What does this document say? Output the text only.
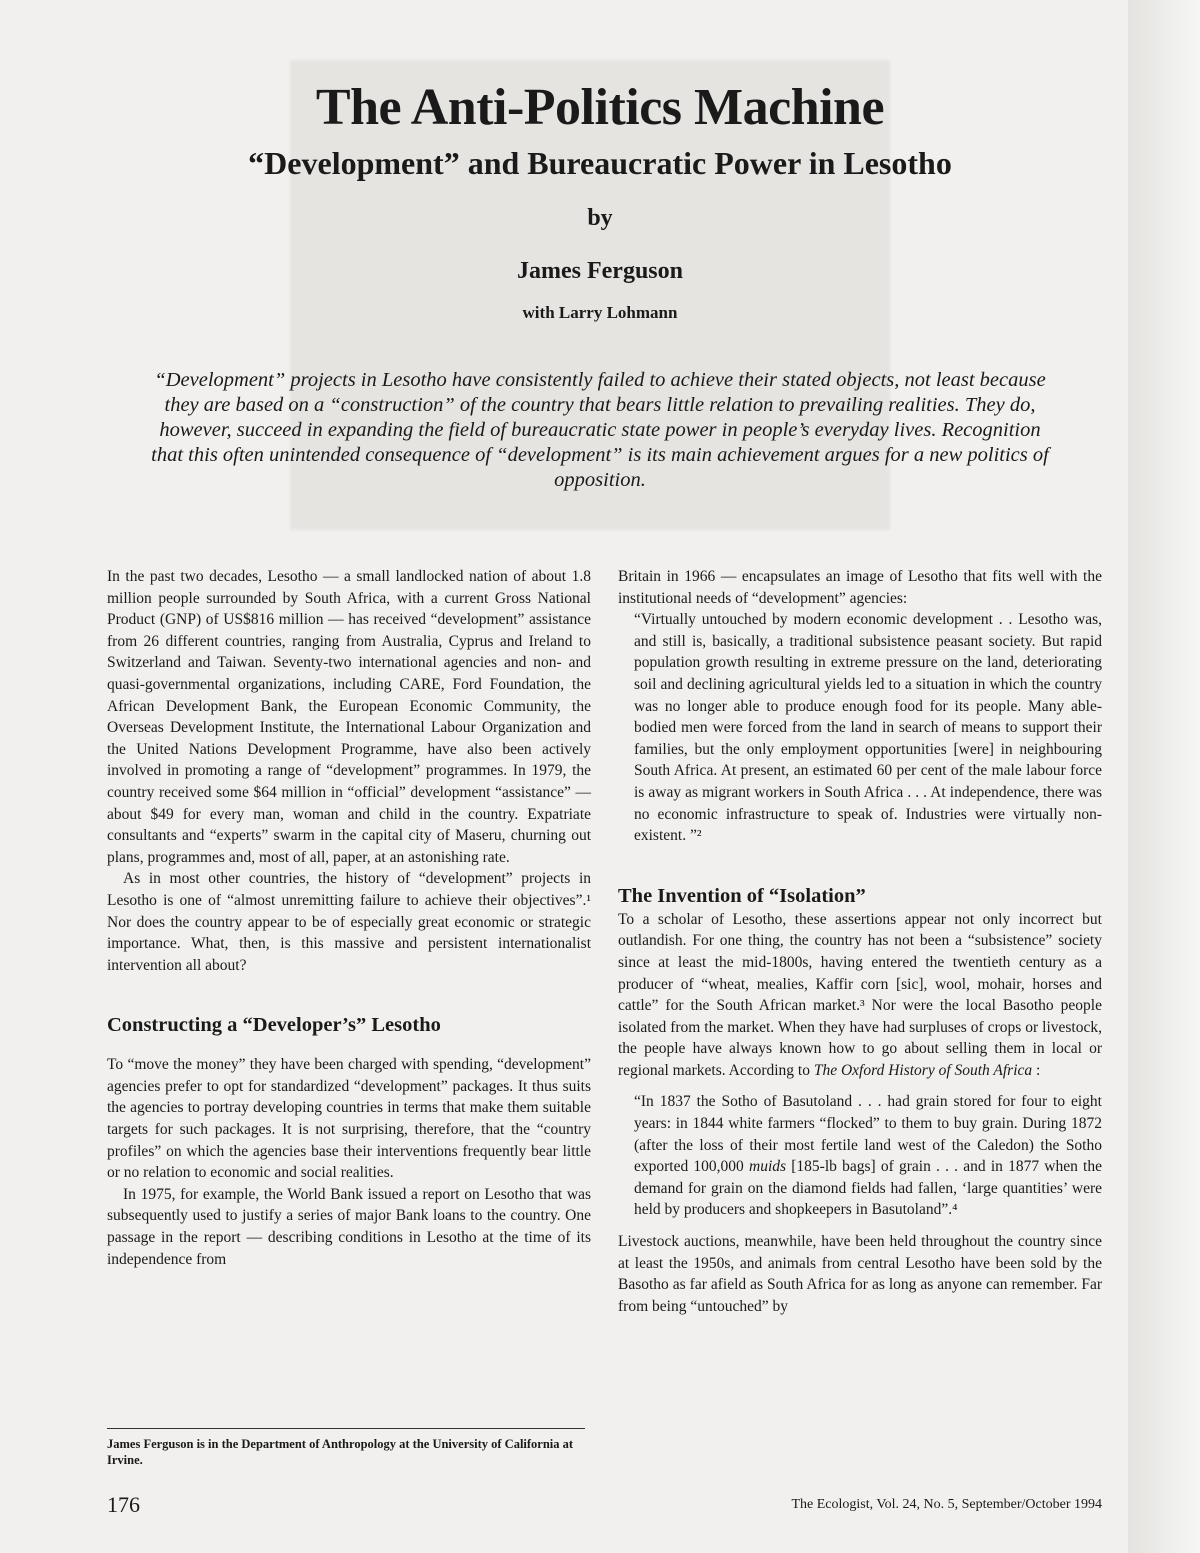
The Anti-Politics Machine
“Development” and Bureaucratic Power in Lesotho
by
James Ferguson
with Larry Lohmann

“Development” projects in Lesotho have consistently failed to achieve their stated objects, not least because they are based on a “construction” of the country that bears little relation to prevailing realities. They do, however, succeed in expanding the field of bureaucratic state power in people’s everyday lives. Recognition that this often unintended consequence of “development” is its main achievement argues for a new politics of opposition.

In the past two decades, Lesotho — a small landlocked nation of about 1.8 million people surrounded by South Africa, with a current Gross National Product (GNP) of US$816 million — has received “development” assistance from 26 different countries, ranging from Australia, Cyprus and Ireland to Switzerland and Taiwan. Seventy-two international agencies and non- and quasi-governmental organizations, including CARE, Ford Foundation, the African Development Bank, the European Economic Community, the Overseas Development Institute, the International Labour Organization and the United Nations Development Programme, have also been actively involved in promoting a range of “development” programmes. In 1979, the country received some $64 million in “official” development “assistance” — about $49 for every man, woman and child in the country. Expatriate consultants and “experts” swarm in the capital city of Maseru, churning out plans, programmes and, most of all, paper, at an astonishing rate.

As in most other countries, the history of “development” projects in Lesotho is one of “almost unremitting failure to achieve their objectives”.¹ Nor does the country appear to be of especially great economic or strategic importance. What, then, is this massive and persistent internationalist intervention all about?

Constructing a “Developer’s” Lesotho

To “move the money” they have been charged with spending, “development” agencies prefer to opt for standardized “development” packages. It thus suits the agencies to portray developing countries in terms that make them suitable targets for such packages. It is not surprising, therefore, that the “country profiles” on which the agencies base their interventions frequently bear little or no relation to economic and social realities.

In 1975, for example, the World Bank issued a report on Lesotho that was subsequently used to justify a series of major Bank loans to the country. One passage in the report — describing conditions in Lesotho at the time of its independence from

James Ferguson is in the Department of Anthropology at the University of California at Irvine.

Britain in 1966 — encapsulates an image of Lesotho that fits well with the institutional needs of “development” agencies:

“Virtually untouched by modern economic development . . Lesotho was, and still is, basically, a traditional subsistence peasant society. But rapid population growth resulting in extreme pressure on the land, deteriorating soil and declining agricultural yields led to a situation in which the country was no longer able to produce enough food for its people. Many able-bodied men were forced from the land in search of means to support their families, but the only employment opportunities [were] in neighbouring South Africa. At present, an estimated 60 per cent of the male labour force is away as migrant workers in South Africa . . . At independence, there was no economic infrastructure to speak of. Industries were virtually non-existent. ”²

The Invention of “Isolation”

To a scholar of Lesotho, these assertions appear not only incorrect but outlandish. For one thing, the country has not been a “subsistence” society since at least the mid-1800s, having entered the twentieth century as a producer of “wheat, mealies, Kaffir corn [sic], wool, mohair, horses and cattle” for the South African market.³ Nor were the local Basotho people isolated from the market. When they have had surpluses of crops or livestock, the people have always known how to go about selling them in local or regional markets. According to The Oxford History of South Africa :

“In 1837 the Sotho of Basutoland . . . had grain stored for four to eight years: in 1844 white farmers “flocked” to them to buy grain. During 1872 (after the loss of their most fertile land west of the Caledon) the Sotho exported 100,000 muids [185-lb bags] of grain . . . and in 1877 when the demand for grain on the diamond fields had fallen, ‘large quantities’ were held by producers and shopkeepers in Basutoland”.⁴

Livestock auctions, meanwhile, have been held throughout the country since at least the 1950s, and animals from central Lesotho have been sold by the Basotho as far afield as South Africa for as long as anyone can remember. Far from being “untouched” by

176	The Ecologist, Vol. 24, No. 5, September/October 1994
